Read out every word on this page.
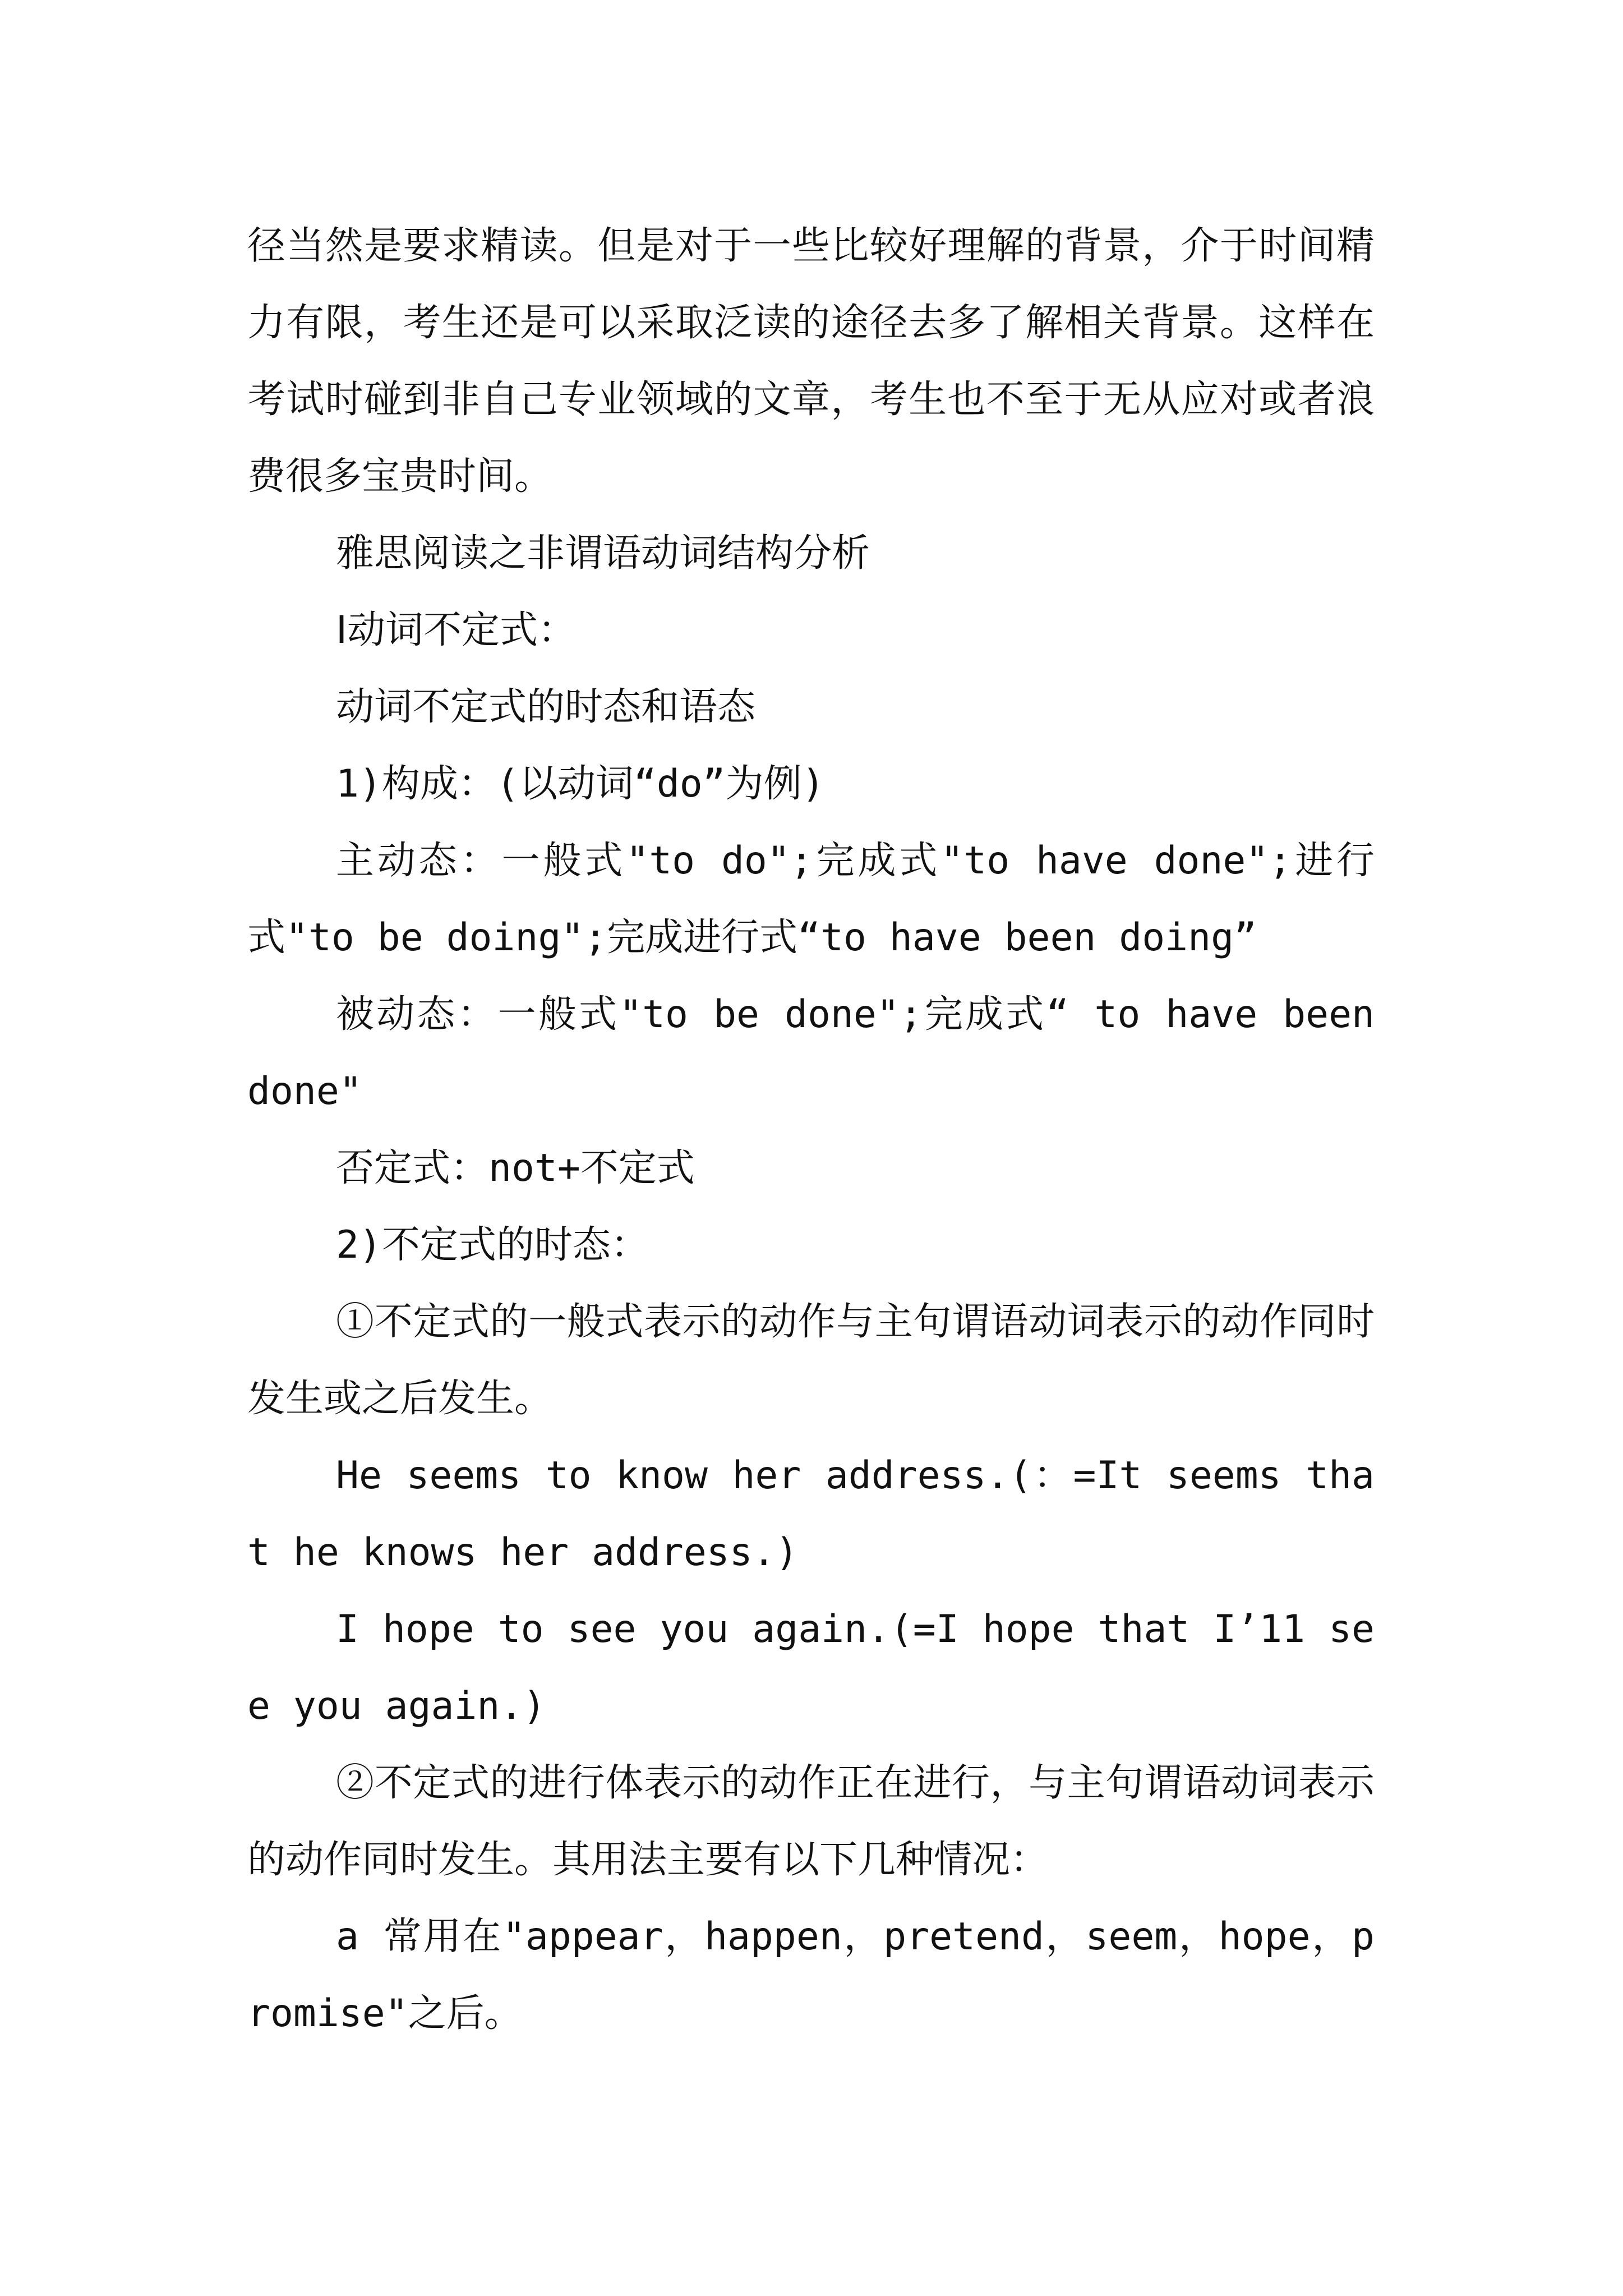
径当然是要求精读。但是对于一些比较好理解的背景，介于时间精力有限，考生还是可以采取泛读的途径去多了解相关背景。这样在考试时碰到非自己专业领域的文章，考生也不至于无从应对或者浪费很多宝贵时间。

雅思阅读之非谓语动词结构分析

Ⅰ动词不定式：

动词不定式的时态和语态

1)构成：(以动词“do”为例)

主动态：一般式"to do";完成式"to have done";进行式"to be doing";完成进行式“to have been doing”

被动态：一般式"to be done";完成式“ to have been done"

否定式：not+不定式

2)不定式的时态：

①不定式的一般式表示的动作与主句谓语动词表示的动作同时发生或之后发生。

He seems to know her address.(：=It seems that he knows her address.)

I hope to see you again.(=I hope that I’11 see you again.)

②不定式的进行体表示的动作正在进行，与主句谓语动词表示的动作同时发生。其用法主要有以下几种情况：

a 常用在"appear，happen，pretend，seem，hope，promise"之后。
